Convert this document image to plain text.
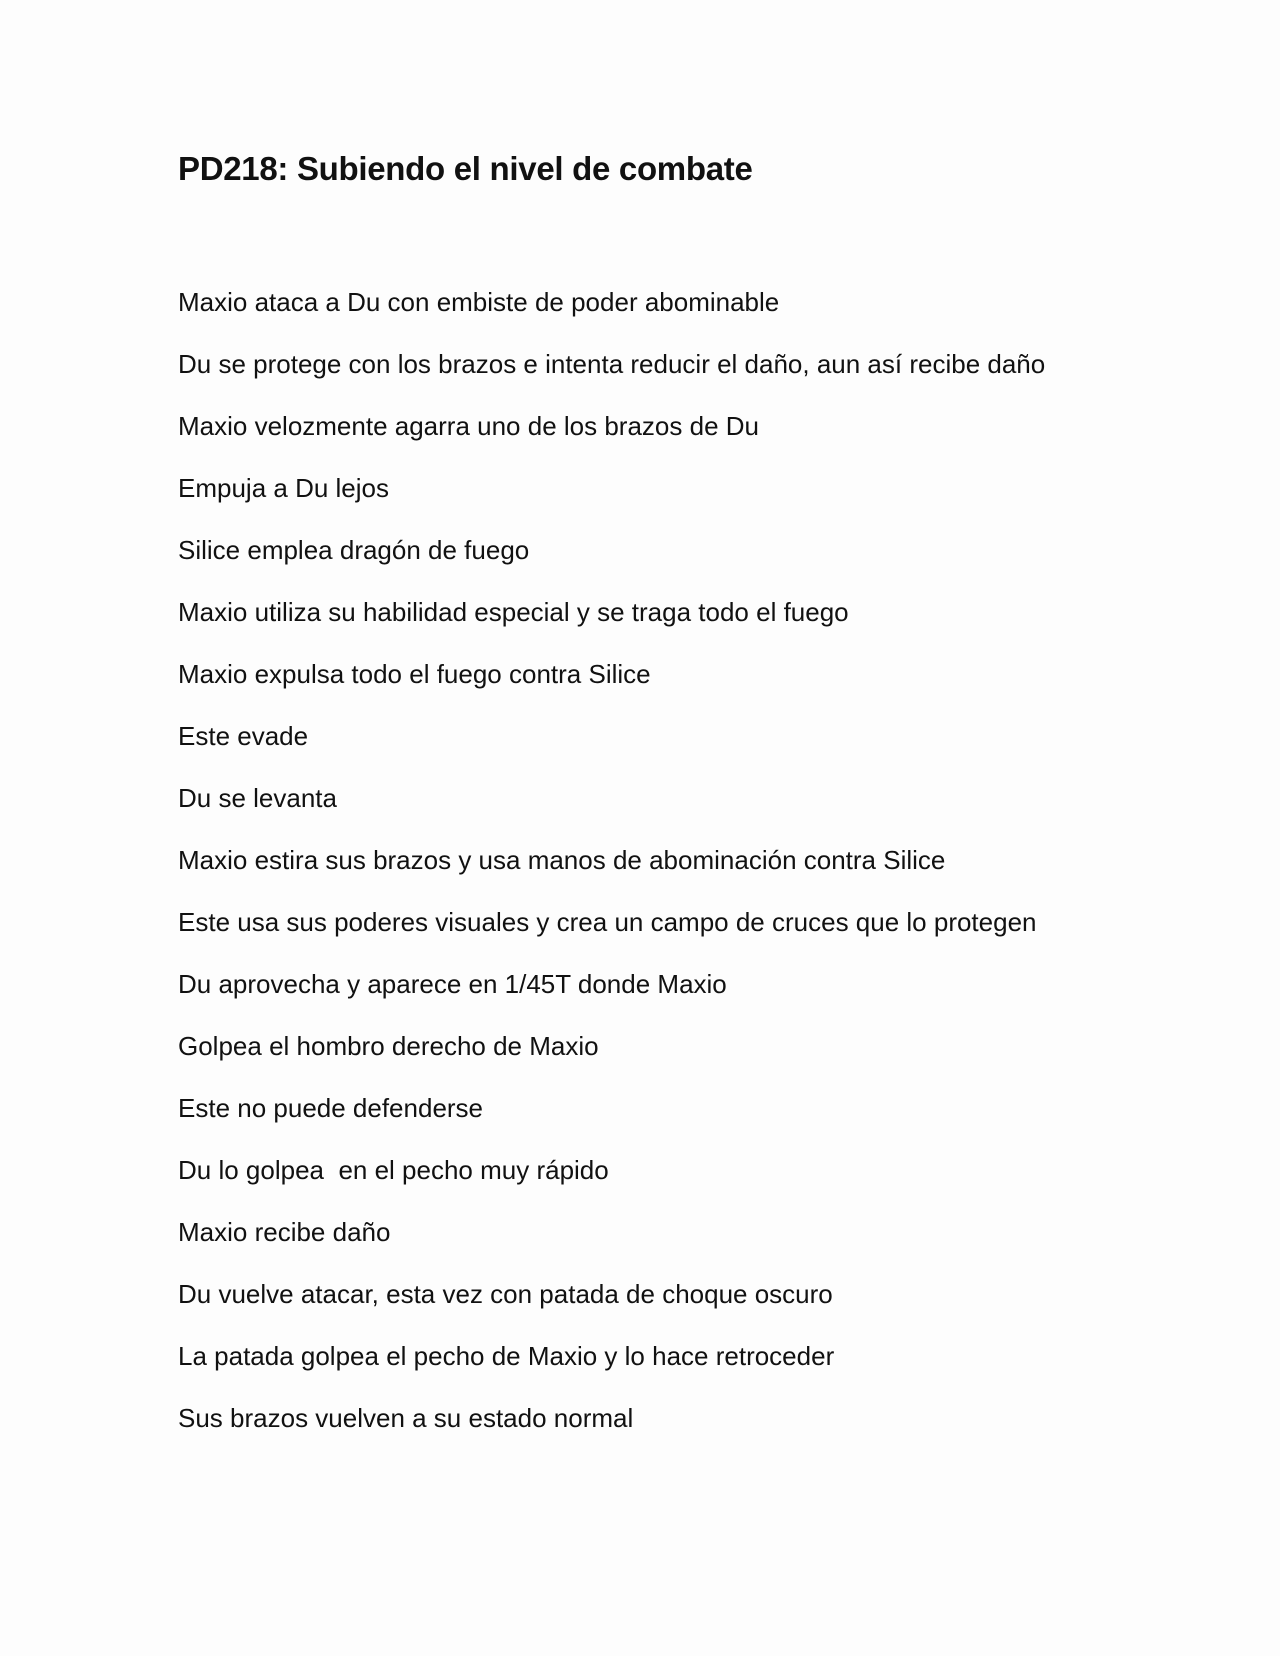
PD218: Subiendo el nivel de combate
Maxio ataca a Du con embiste de poder abominable
Du se protege con los brazos e intenta reducir el daño, aun así recibe daño
Maxio velozmente agarra uno de los brazos de Du
Empuja a Du lejos
Silice emplea dragón de fuego
Maxio utiliza su habilidad especial y se traga todo el fuego
Maxio expulsa todo el fuego contra Silice
Este evade
Du se levanta
Maxio estira sus brazos y usa manos de abominación contra Silice
Este usa sus poderes visuales y crea un campo de cruces que lo protegen
Du aprovecha y aparece en 1/45T donde Maxio
Golpea el hombro derecho de Maxio
Este no puede defenderse
Du lo golpea  en el pecho muy rápido
Maxio recibe daño
Du vuelve atacar, esta vez con patada de choque oscuro
La patada golpea el pecho de Maxio y lo hace retroceder
Sus brazos vuelven a su estado normal
